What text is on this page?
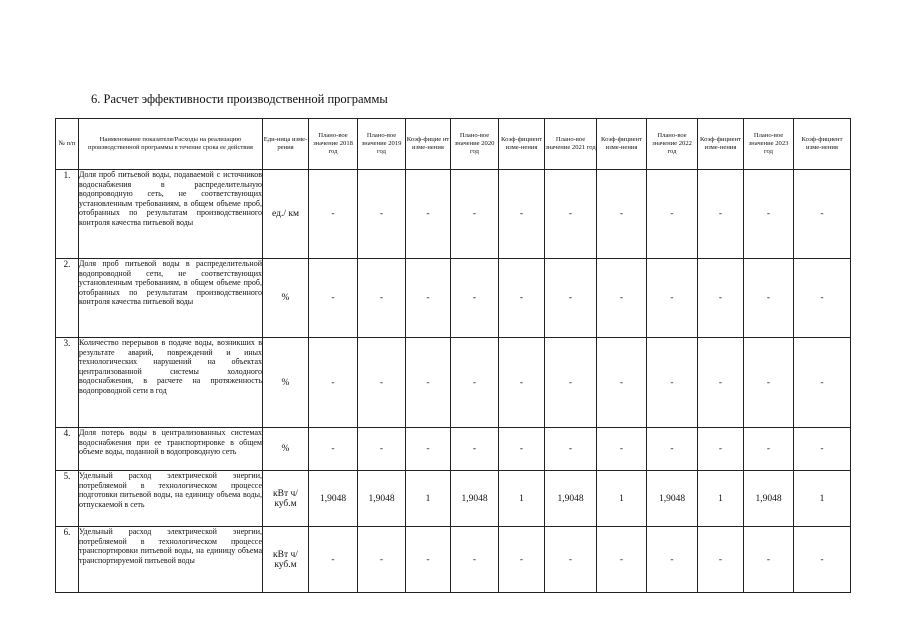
6. Расчет эффективности производственной программы
№ п/п	Наименование показателя/Расходы на реализацию производственной программы в течение срока ее действия	Еди-ница изме-рения	Плано-вое значение 2018 год	Плано-вое значение 2019 год	Коэф-фицие нт изме-нения	Плано-вое значение 2020 год	Коэф-фициент изме-нения	Плано-вое значение 2021 год	Коэф-фициент изме-нения	Плано-вое значение 2022 год	Коэф-фициент изме-нения	Плано-вое значение 2023 год	Коэф-фициент изме-нения
1.	Доля проб питьевой воды, подаваемой с источников водоснабжения в распределительную водопроводную сеть, не соответствующих установленным требованиям, в общем объеме проб, отобранных по результатам производственного контроля качества питьевой воды	ед./ км	-	-	-	-	-	-	-	-	-	-	-
2.	Доля проб питьевой воды в распределительной водопроводной сети, не соответствующих установленным требованиям, в общем объеме проб, отобранных по результатам производственного контроля качества питьевой воды	%	-	-	-	-	-	-	-	-	-	-	-
3.	Количество перерывов в подаче воды, возникших в результате аварий, повреждений и иных технологических нарушений на объектах централизованной системы холодного водоснабжения, в расчете на протяженность водопроводной сети в год	%	-	-	-	-	-	-	-	-	-	-	-
4.	Доля потерь воды в централизованных системах водоснабжения при ее транспортировке в общем объеме воды, поданной в водопроводную сеть	%	-	-	-	-	-	-	-	-	-	-	-
5.	Удельный расход электрической энергии, потребляемой в технологическом процессе подготовки питьевой воды, на единицу объема воды, отпускаемой в сеть	кВт ч/куб.м	1,9048	1,9048	1	1,9048	1	1,9048	1	1,9048	1	1,9048	1
6.	Удельный расход электрической энергии, потребляемой в технологическом процессе транспортировки питьевой воды, на единицу объема транспортируемой питьевой воды	кВт ч/куб.м	-	-	-	-	-	-	-	-	-	-	-
